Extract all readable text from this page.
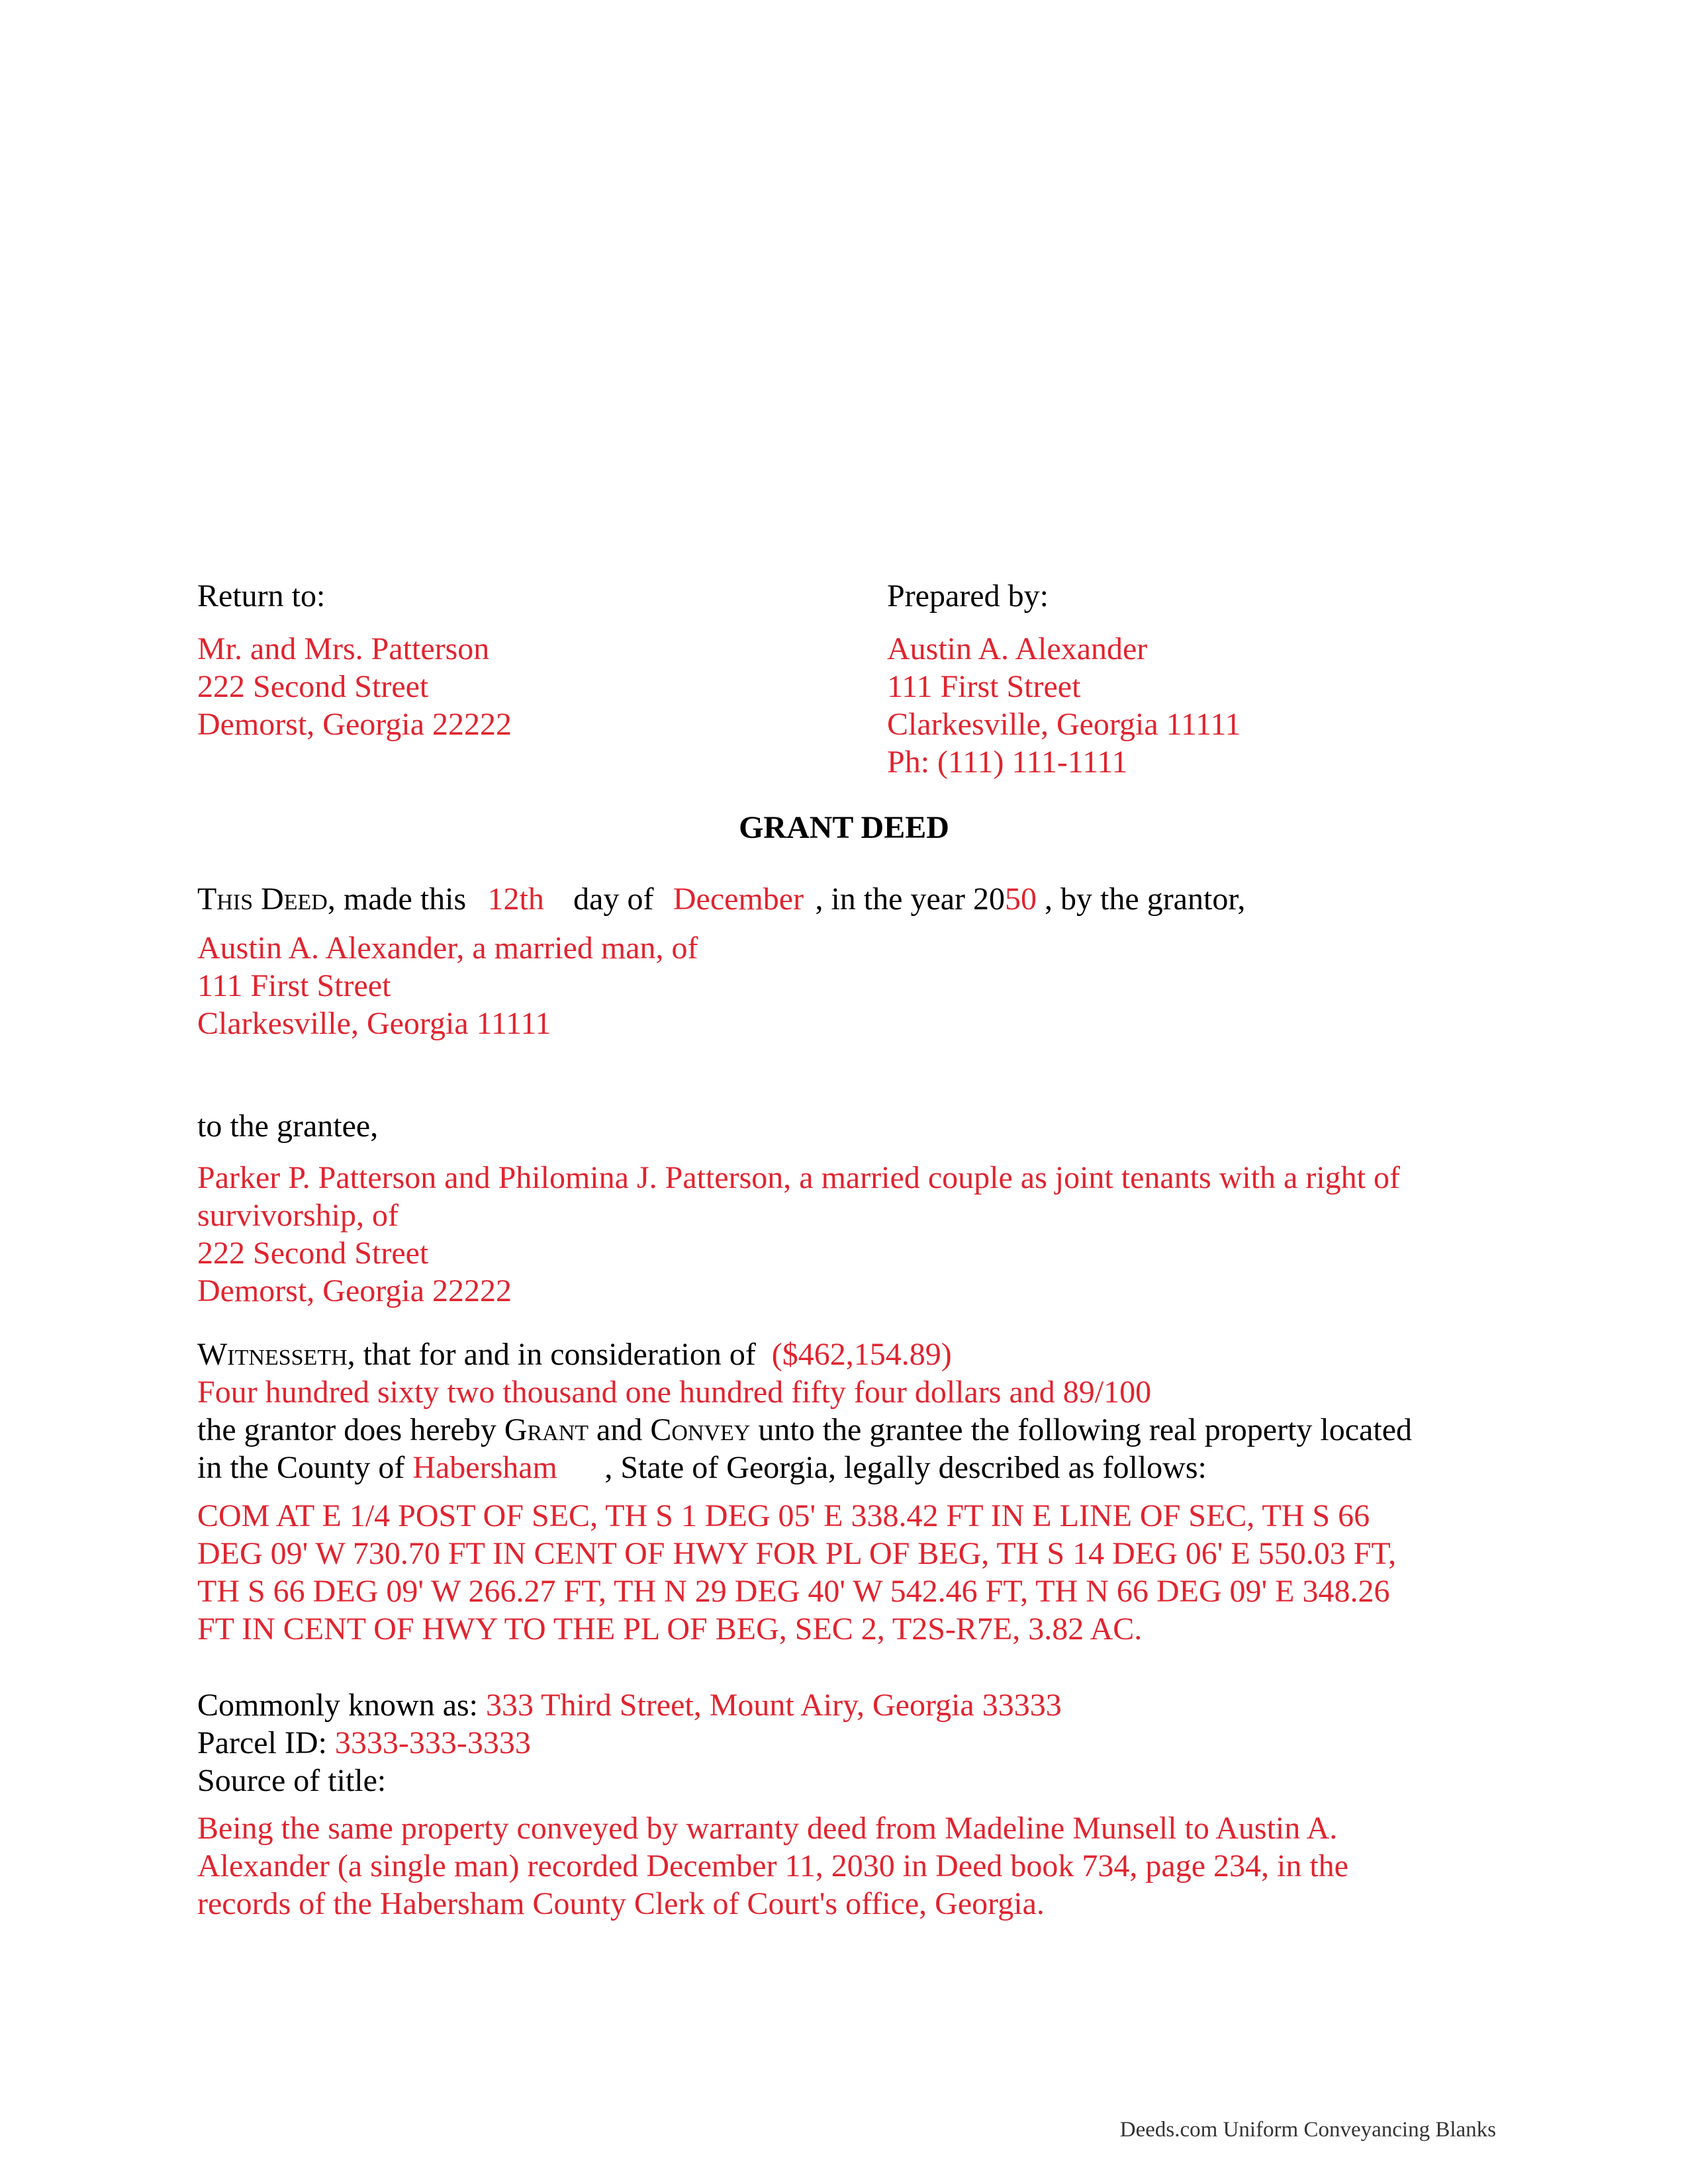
Return to:
Mr. and Mrs. Patterson
222 Second Street
Demorst, Georgia 22222
Prepared by:
Austin A. Alexander
111 First Street
Clarkesville, Georgia 11111
Ph: (111) 111-1111
GRANT DEED
This Deed, made this 12th day of December , in the year 2050 , by the grantor,
Austin A. Alexander, a married man, of
111 First Street
Clarkesville, Georgia 11111
to the grantee,
Parker P. Patterson and Philomina J. Patterson, a married couple as joint tenants with a right of
survivorship, of
222 Second Street
Demorst, Georgia 22222
Witnesseth, that for and in consideration of ($462,154.89)
Four hundred sixty two thousand one hundred fifty four dollars and 89/100
the grantor does hereby Grant and Convey unto the grantee the following real property located
in the County of Habersham , State of Georgia, legally described as follows:
COM AT E 1/4 POST OF SEC, TH S 1 DEG 05' E 338.42 FT IN E LINE OF SEC, TH S 66
DEG 09' W 730.70 FT IN CENT OF HWY FOR PL OF BEG, TH S 14 DEG 06' E 550.03 FT,
TH S 66 DEG 09' W 266.27 FT, TH N 29 DEG 40' W 542.46 FT, TH N 66 DEG 09' E 348.26
FT IN CENT OF HWY TO THE PL OF BEG, SEC 2, T2S-R7E, 3.82 AC.
Commonly known as: 333 Third Street, Mount Airy, Georgia 33333
Parcel ID: 3333-333-3333
Source of title:
Being the same property conveyed by warranty deed from Madeline Munsell to Austin A.
Alexander (a single man) recorded December 11, 2030 in Deed book 734, page 234, in the
records of the Habersham County Clerk of Court's office, Georgia.
Deeds.com Uniform Conveyancing Blanks
